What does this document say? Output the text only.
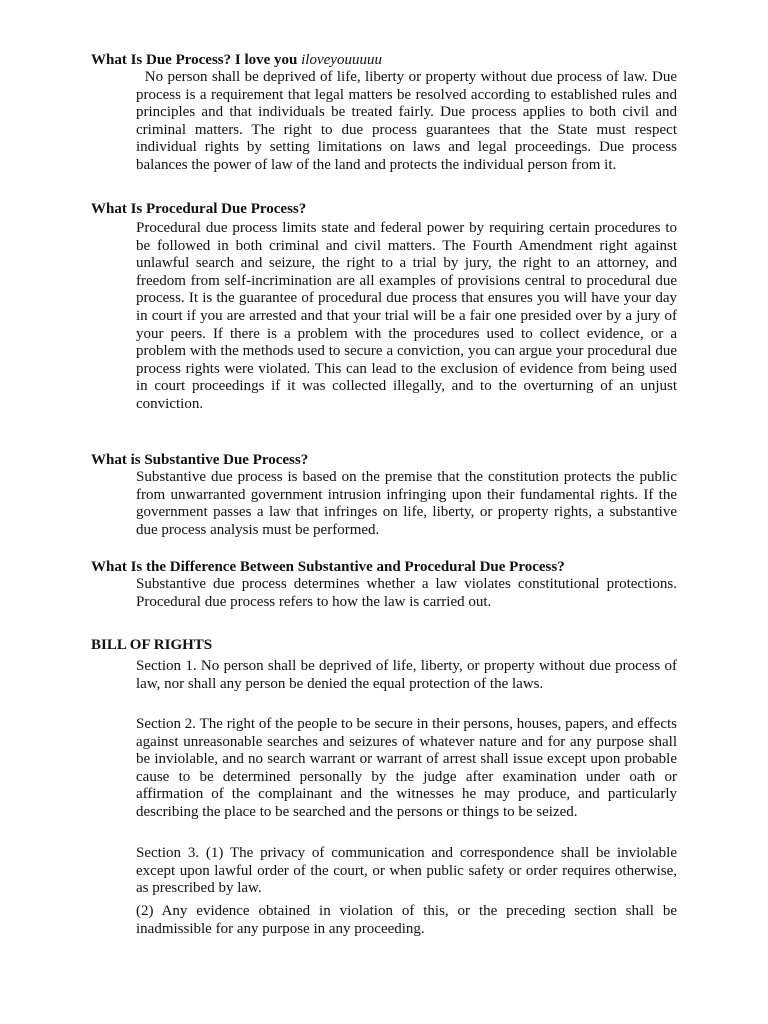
What Is Due Process? I love you iloveyouuuuu

No person shall be deprived of life, liberty or property without due process of law. Due process is a requirement that legal matters be resolved according to established rules and principles and that individuals be treated fairly. Due process applies to both civil and criminal matters. The right to due process guarantees that the State must respect individual rights by setting limitations on laws and legal proceedings. Due process balances the power of law of the land and protects the individual person from it.

What Is Procedural Due Process?

Procedural due process limits state and federal power by requiring certain procedures to be followed in both criminal and civil matters. The Fourth Amendment right against unlawful search and seizure, the right to a trial by jury, the right to an attorney, and freedom from self-incrimination are all examples of provisions central to procedural due process. It is the guarantee of procedural due process that ensures you will have your day in court if you are arrested and that your trial will be a fair one presided over by a jury of your peers. If there is a problem with the procedures used to collect evidence, or a problem with the methods used to secure a conviction, you can argue your procedural due process rights were violated. This can lead to the exclusion of evidence from being used in court proceedings if it was collected illegally, and to the overturning of an unjust conviction.

What is Substantive Due Process?

Substantive due process is based on the premise that the constitution protects the public from unwarranted government intrusion infringing upon their fundamental rights. If the government passes a law that infringes on life, liberty, or property rights, a substantive due process analysis must be performed.

What Is the Difference Between Substantive and Procedural Due Process?

Substantive due process determines whether a law violates constitutional protections. Procedural due process refers to how the law is carried out.

BILL OF RIGHTS

Section 1. No person shall be deprived of life, liberty, or property without due process of law, nor shall any person be denied the equal protection of the laws.

Section 2. The right of the people to be secure in their persons, houses, papers, and effects against unreasonable searches and seizures of whatever nature and for any purpose shall be inviolable, and no search warrant or warrant of arrest shall issue except upon probable cause to be determined personally by the judge after examination under oath or affirmation of the complainant and the witnesses he may produce, and particularly describing the place to be searched and the persons or things to be seized.

Section 3. (1) The privacy of communication and correspondence shall be inviolable except upon lawful order of the court, or when public safety or order requires otherwise, as prescribed by law.

(2) Any evidence obtained in violation of this, or the preceding section shall be inadmissible for any purpose in any proceeding.
